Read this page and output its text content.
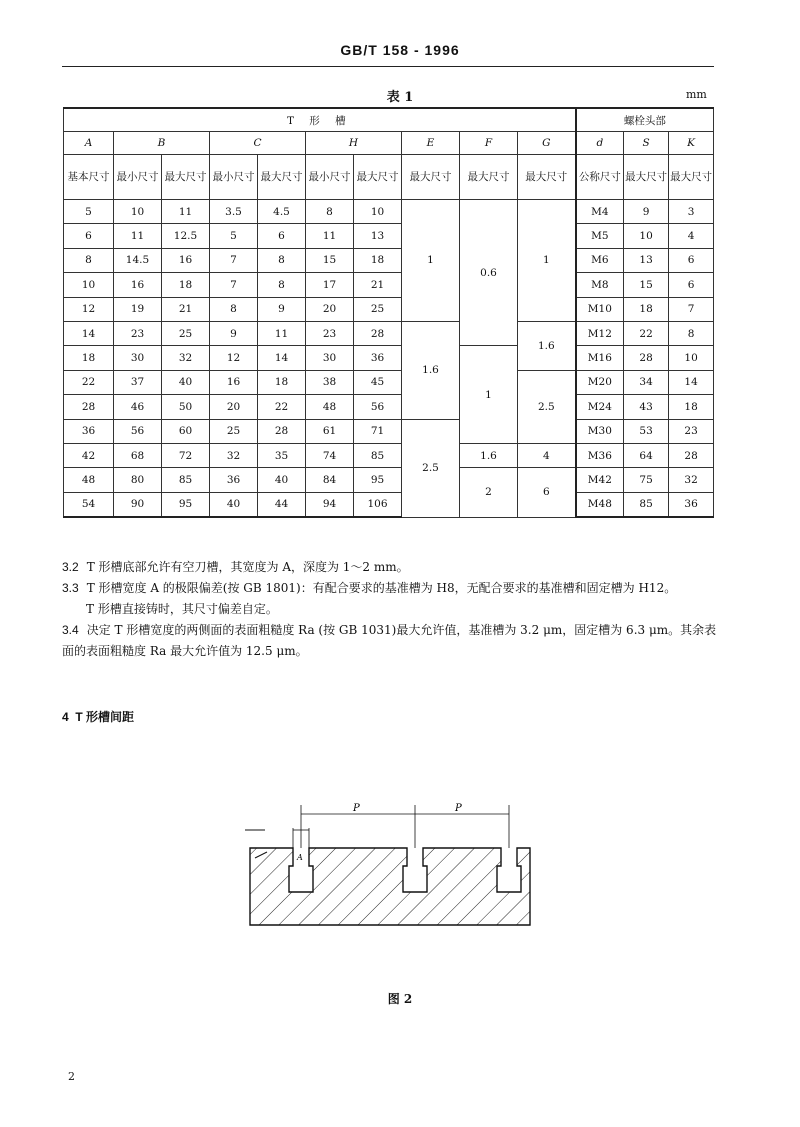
GB/T 158 - 1996
表 1	mm
T 形 槽										螺栓头部		
A	B		C		H		E	F	G	d	S	K
基本尺寸	最小尺寸	最大尺寸	最小尺寸	最大尺寸	最小尺寸	最大尺寸	最大尺寸	最大尺寸	最大尺寸	公称尺寸	最大尺寸	最大尺寸
5	10	11	3.5	4.5	8	10	1	0.6	1	M4	9	3
6	11	12.5	5	6	11	13				M5	10	4
8	14.5	16	7	8	15	18				M6	13	6
10	16	18	7	8	17	21				M8	15	6
12	19	21	8	9	20	25				M10	18	7
14	23	25	9	11	23	28	1.6		1.6	M12	22	8
18	30	32	12	14	30	36		1		M16	28	10
22	37	40	16	18	38	45			2.5	M20	34	14
28	46	50	20	22	48	56				M24	43	18
36	56	60	25	28	61	71	2.5			M30	53	23
42	68	72	32	35	74	85		1.6	4	M36	64	28
48	80	85	36	40	84	95		2	6	M42	75	32
54	90	95	40	44	94	106				M48	85	36

3.2 T 形槽底部允许有空刀槽，其宽度为 A，深度为 1～2 mm。

3.3 T 形槽宽度 A 的极限偏差(按 GB 1801)：有配合要求的基准槽为 H8，无配合要求的基准槽和固定槽为 H12。

T 形槽直接铸时，其尺寸偏差自定。

3.4 决定 T 形槽宽度的两侧面的表面粗糙度 Ra (按 GB 1031)最大允许值，基准槽为 3.2 μm，固定槽为 6.3 μm。其余表面的表面粗糙度 Ra 最大允许值为 12.5 μm。

4 T 形槽间距
P	P
A
图 2
2
